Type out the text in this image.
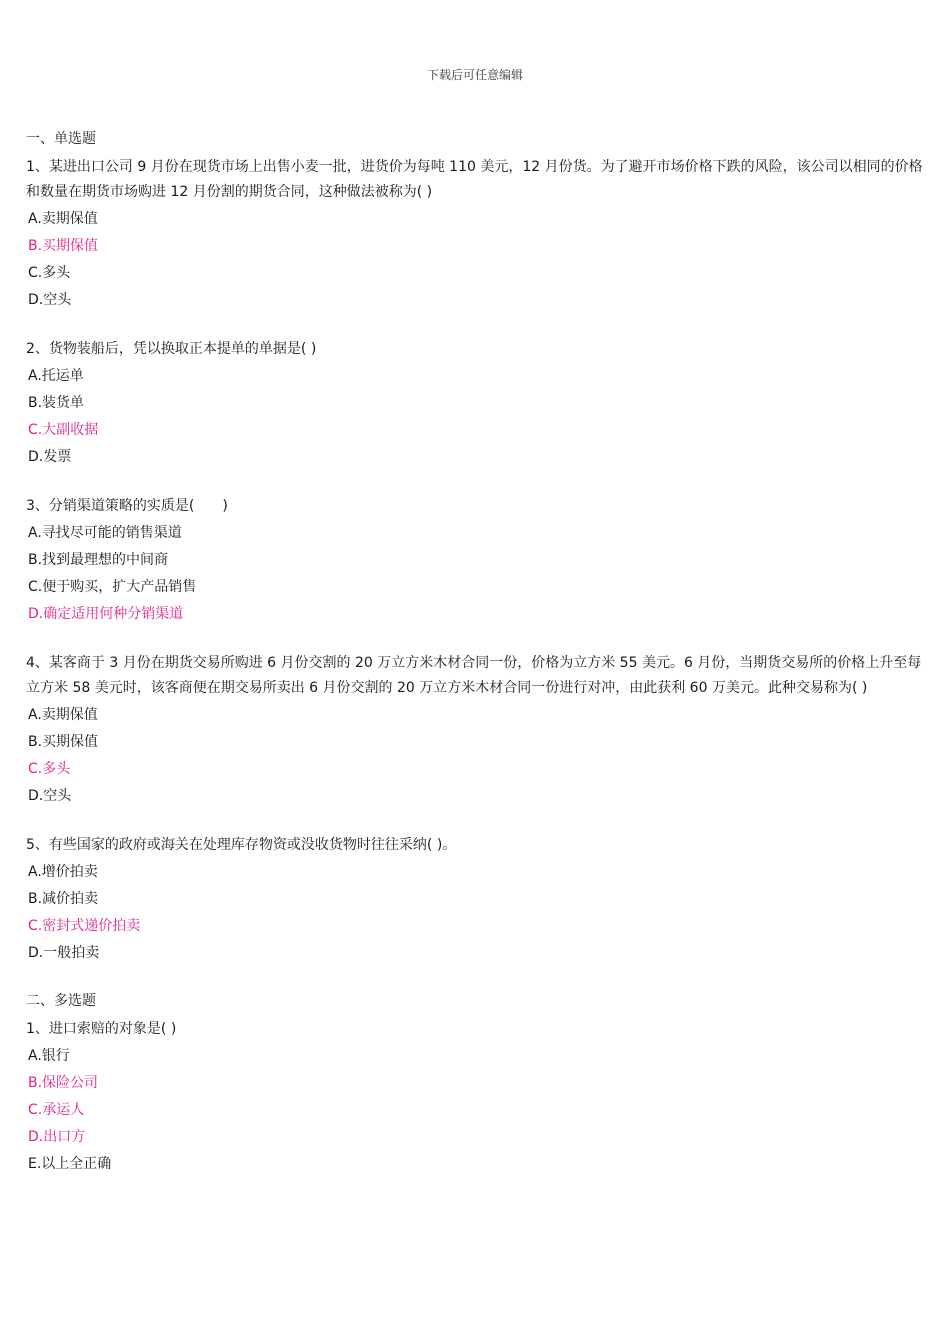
下载后可任意编辑
一、单选题
1、某进出口公司 9 月份在现货市场上出售小麦一批，进货价为每吨 110 美元，12 月份货。为了避开市场价格下跌的风险，该公司以相同的价格和数量在期货市场购进 12 月份割的期货合同，这种做法被称为( )
A.卖期保值
B.买期保值
C.多头
D.空头
2、货物装船后，凭以换取正本提单的单据是( )
A.托运单
B.装货单
C.大副收据
D.发票
3、分销渠道策略的实质是(　　)
A.寻找尽可能的销售渠道
B.找到最理想的中间商
C.便于购买，扩大产品销售
D.确定适用何种分销渠道
4、某客商于 3 月份在期货交易所购进 6 月份交割的 20 万立方米木材合同一份，价格为立方米 55 美元。6 月份，当期货交易所的价格上升至每立方米 58 美元时，该客商便在期交易所卖出 6 月份交割的 20 万立方米木材合同一份进行对冲，由此获利 60 万美元。此种交易称为( )
A.卖期保值
B.买期保值
C.多头
D.空头
5、有些国家的政府或海关在处理库存物资或没收货物时往往采纳( )。
A.增价拍卖
B.减价拍卖
C.密封式递价拍卖
D.一般拍卖
二、多选题
1、进口索赔的对象是( )
A.银行
B.保险公司
C.承运人
D.出口方
E.以上全正确
